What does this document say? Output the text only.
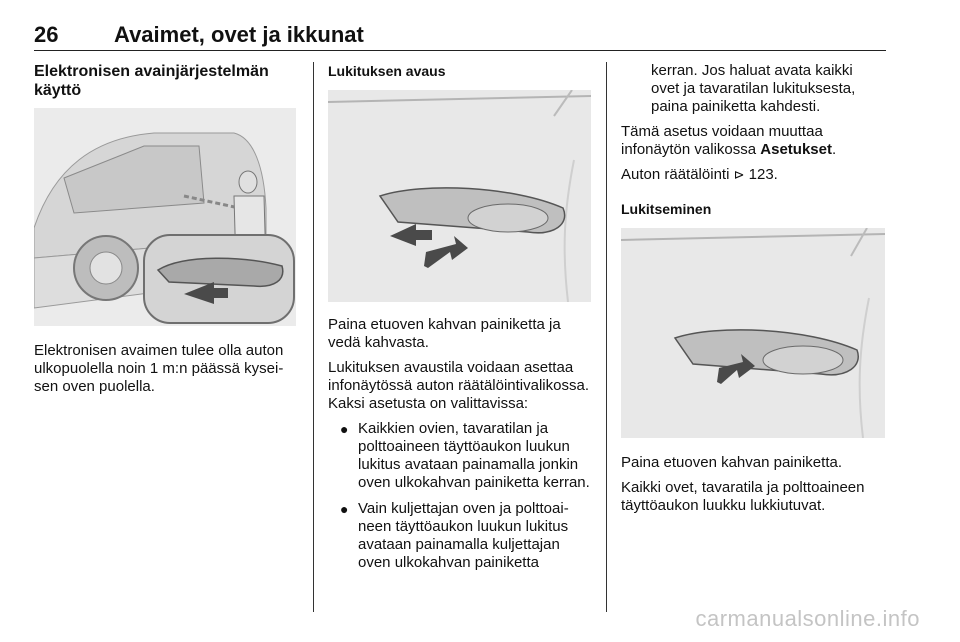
26	Avaimet, ovet ja ikkunat
Elektronisen avainjärjestelmän käyttö

Elektronisen avaimen tulee olla auton ulkopuolella noin 1 m:n päässä kyseisen oven puolella.

Lukituksen avaus

Paina etuoven kahvan painiketta ja vedä kahvasta.

Lukituksen avaustila voidaan asettaa infonäytössä auton räätälöintivalikossa. Kaksi asetusta on valittavissa:

● Kaikkien ovien, tavaratilan ja polttoaineen täyttöaukon luukun lukitus avataan painamalla jonkin oven ulkokahvan painiketta kerran.
● Vain kuljettajan oven ja polttoaineen täyttöaukon luukun lukitus avataan painamalla kuljettajan oven ulkokahvan painiketta

kerran. Jos haluat avata kaikki ovet ja tavaratilan lukituksesta, paina painiketta kahdesti.

Tämä asetus voidaan muuttaa infonäytön valikossa Asetukset.

Auton räätälöinti ⊳ 123.

Lukitseminen

Paina etuoven kahvan painiketta.

Kaikki ovet, tavaratila ja polttoaineen täyttöaukon luukku lukkiutuvat.

carmanualsonline.info
